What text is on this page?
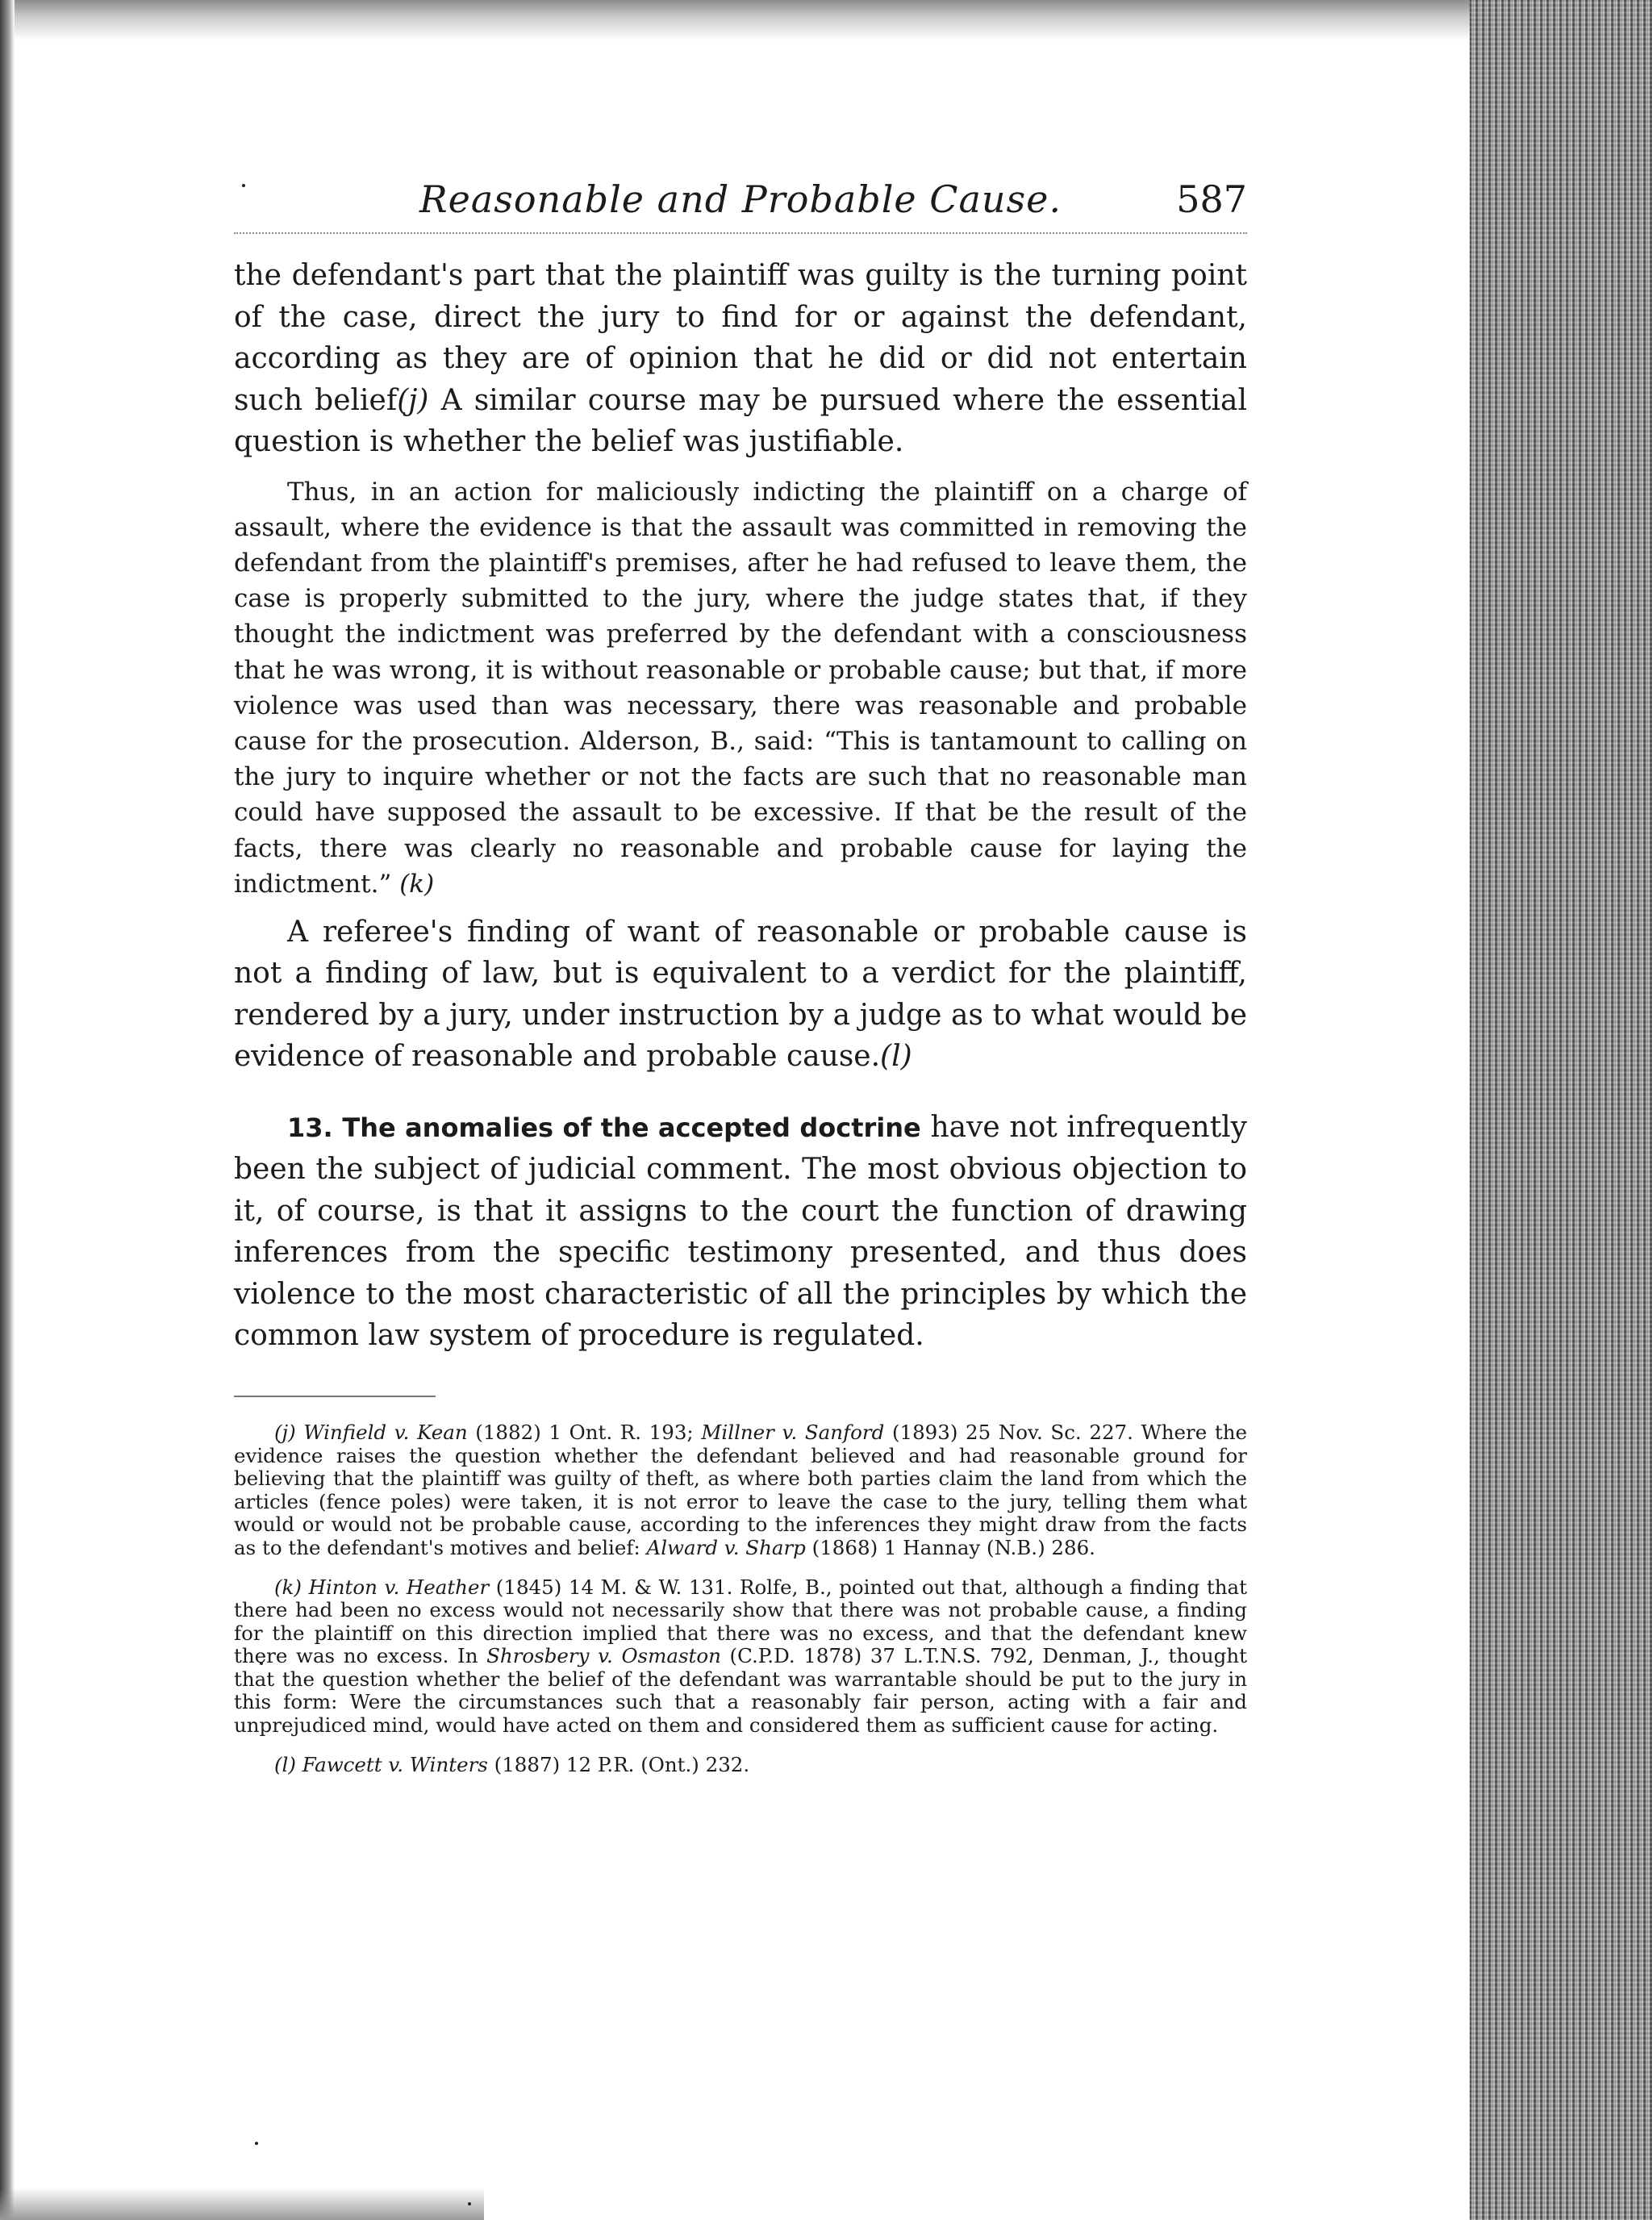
Reasonable and Probable Cause.	587

the defendant's part that the plaintiff was guilty is the turning point of the case, direct the jury to find for or against the defendant, according as they are of opinion that he did or did not entertain such belief(j) A similar course may be pursued where the essential question is whether the belief was justifiable.

Thus, in an action for maliciously indicting the plaintiff on a charge of assault, where the evidence is that the assault was committed in removing the defendant from the plaintiff's premises, after he had refused to leave them, the case is properly submitted to the jury, where the judge states that, if they thought the indictment was preferred by the defendant with a consciousness that he was wrong, it is without reasonable or probable cause; but that, if more violence was used than was necessary, there was reasonable and probable cause for the prosecution. Alderson, B., said: “This is tantamount to calling on the jury to inquire whether or not the facts are such that no reasonable man could have supposed the assault to be excessive. If that be the result of the facts, there was clearly no reasonable and probable cause for laying the indictment.” (k)

A referee's finding of want of reasonable or probable cause is not a finding of law, but is equivalent to a verdict for the plaintiff, rendered by a jury, under instruction by a judge as to what would be evidence of reasonable and probable cause.(l)

13. The anomalies of the accepted doctrine have not infrequently been the subject of judicial comment. The most obvious objection to it, of course, is that it assigns to the court the function of drawing inferences from the specific testimony presented, and thus does violence to the most characteristic of all the principles by which the common law system of procedure is regulated.

(j) Winfield v. Kean (1882) 1 Ont. R. 193; Millner v. Sanford (1893) 25 Nov. Sc. 227. Where the evidence raises the question whether the defendant believed and had reasonable ground for believing that the plaintiff was guilty of theft, as where both parties claim the land from which the articles (fence poles) were taken, it is not error to leave the case to the jury, telling them what would or would not be probable cause, according to the inferences they might draw from the facts as to the defendant's motives and belief: Alward v. Sharp (1868) 1 Hannay (N.B.) 286.

(k) Hinton v. Heather (1845) 14 M. & W. 131. Rolfe, B., pointed out that, although a finding that there had been no excess would not necessarily show that there was not probable cause, a finding for the plaintiff on this direction implied that there was no excess, and that the defendant knew there was no excess. In Shrosbery v. Osmaston (C.P.D. 1878) 37 L.T.N.S. 792, Denman, J., thought that the question whether the belief of the defendant was warrantable should be put to the jury in this form: Were the circumstances such that a reasonably fair person, acting with a fair and unprejudiced mind, would have acted on them and considered them as sufficient cause for acting.

(l) Fawcett v. Winters (1887) 12 P.R. (Ont.) 232.
